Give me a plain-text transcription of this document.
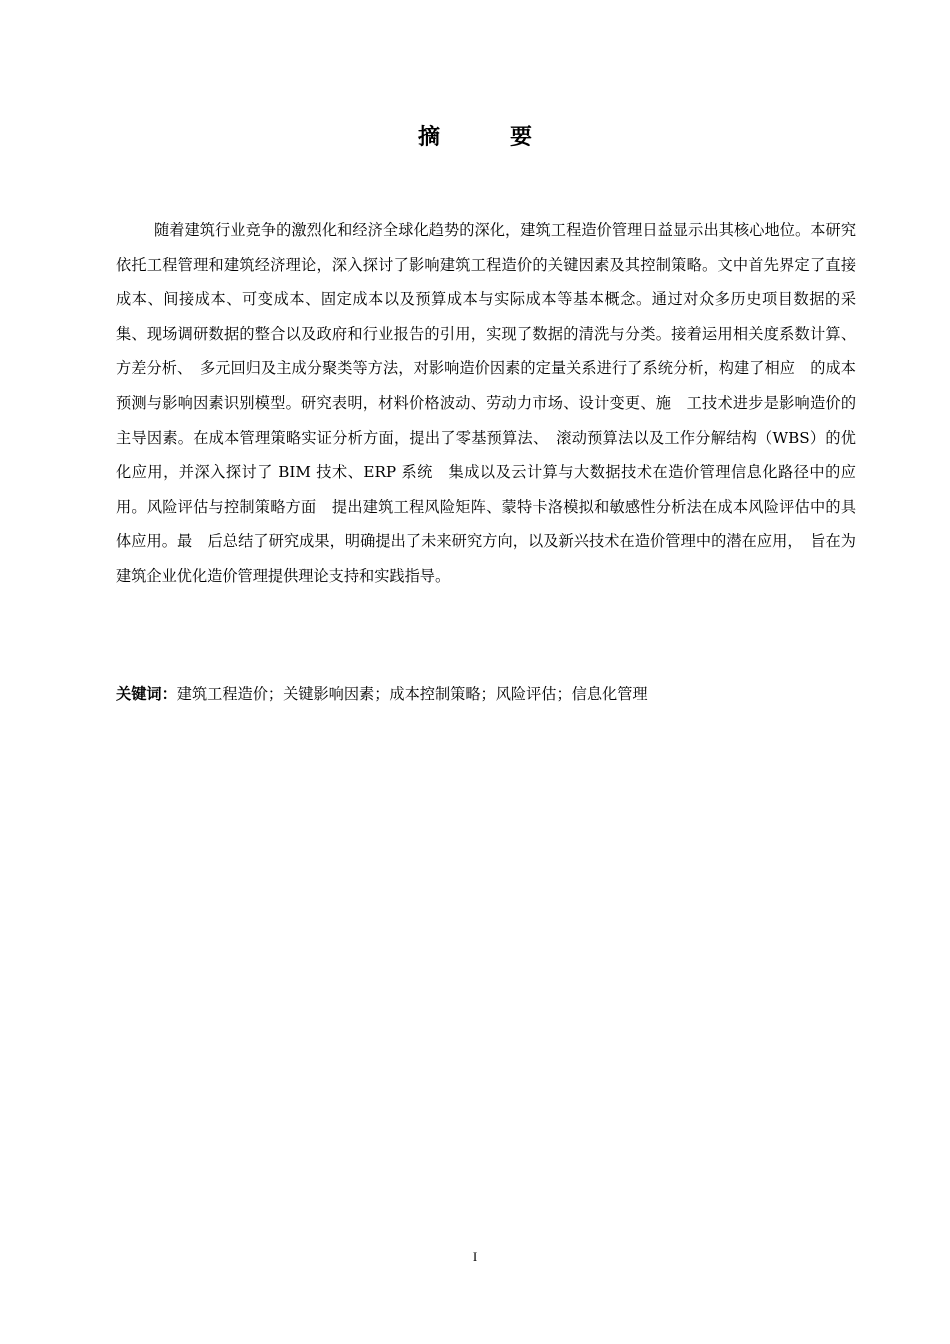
摘　要

随着建筑行业竞争的激烈化和经济全球化趋势的深化，建筑工程造价管理日益显示出其核心地位。本研究依托工程管理和建筑经济理论，深入探讨了影响建筑工程造价的关键因素及其控制策略。文中首先界定了直接成本、间接成本、可变成本、固定成本以及预算成本与实际成本等基本概念。通过对众多历史项目数据的采集、现场调研数据的整合以及政府和行业报告的引用，实现了数据的清洗与分类。接着运用相关度系数计算、方差分析、　多元回归及主成分聚类等方法，对影响造价因素的定量关系进行了系统分析，构建了相应　的成本预测与影响因素识别模型。研究表明，材料价格波动、劳动力市场、设计变更、施　工技术进步是影响造价的主导因素。在成本管理策略实证分析方面，提出了零基预算法、　滚动预算法以及工作分解结构（WBS）的优化应用，并深入探讨了 BIM 技术、ERP 系统　集成以及云计算与大数据技术在造价管理信息化路径中的应用。风险评估与控制策略方面　提出建筑工程风险矩阵、蒙特卡洛模拟和敏感性分析法在成本风险评估中的具体应用。最　后总结了研究成果，明确提出了未来研究方向，以及新兴技术在造价管理中的潜在应用，　旨在为建筑企业优化造价管理提供理论支持和实践指导。

关键词：建筑工程造价；关键影响因素；成本控制策略；风险评估；信息化管理

I
